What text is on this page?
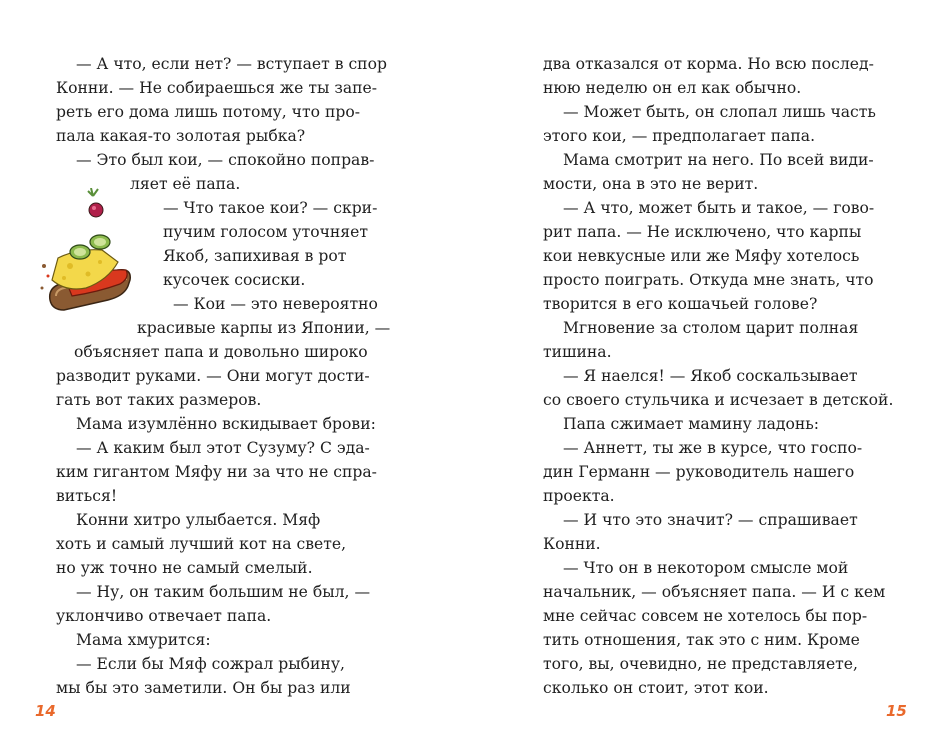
— А что, если нет? — вступает в спор
Конни. — Не собираешься же ты запе-
реть его дома лишь потому, что про-
пала какая-то золотая рыбка?
— Это был кои, — спокойно поправ-
ляет её папа.
— Что такое кои? — скри-
пучим голосом уточняет
Якоб, запихивая в рот
кусочек сосиски.
— Кои — это невероятно
красивые карпы из Японии, —
объясняет папа и довольно широко
разводит руками. — Они могут дости-
гать вот таких размеров.
Мама изумлённо вскидывает брови:
— А каким был этот Сузуму? С эда-
ким гигантом Мяфу ни за что не спра-
виться!
Конни хитро улыбается. Мяф
хоть и самый лучший кот на свете,
но уж точно не самый смелый.
— Ну, он таким большим не был, —
уклончиво отвечает папа.
Мама хмурится:
— Если бы Мяф сожрал рыбину,
мы бы это заметили. Он бы раз или
два отказался от корма. Но всю послед-
нюю неделю он ел как обычно.
— Может быть, он слопал лишь часть
этого кои, — предполагает папа.
Мама смотрит на него. По всей види-
мости, она в это не верит.
— А что, может быть и такое, — гово-
рит папа. — Не исключено, что карпы
кои невкусные или же Мяфу хотелось
просто поиграть. Откуда мне знать, что
творится в его кошачьей голове?
Мгновение за столом царит полная
тишина.
— Я наелся! — Якоб соскальзывает
со своего стульчика и исчезает в детской.
Папа сжимает мамину ладонь:
— Аннетт, ты же в курсе, что госпо-
дин Германн — руководитель нашего
проекта.
— И что это значит? — спрашивает
Конни.
— Что он в некотором смысле мой
начальник, — объясняет папа. — И с кем
мне сейчас совсем не хотелось бы пор-
тить отношения, так это с ним. Кроме
того, вы, очевидно, не представляете,
сколько он стоит, этот кои.
14	15
